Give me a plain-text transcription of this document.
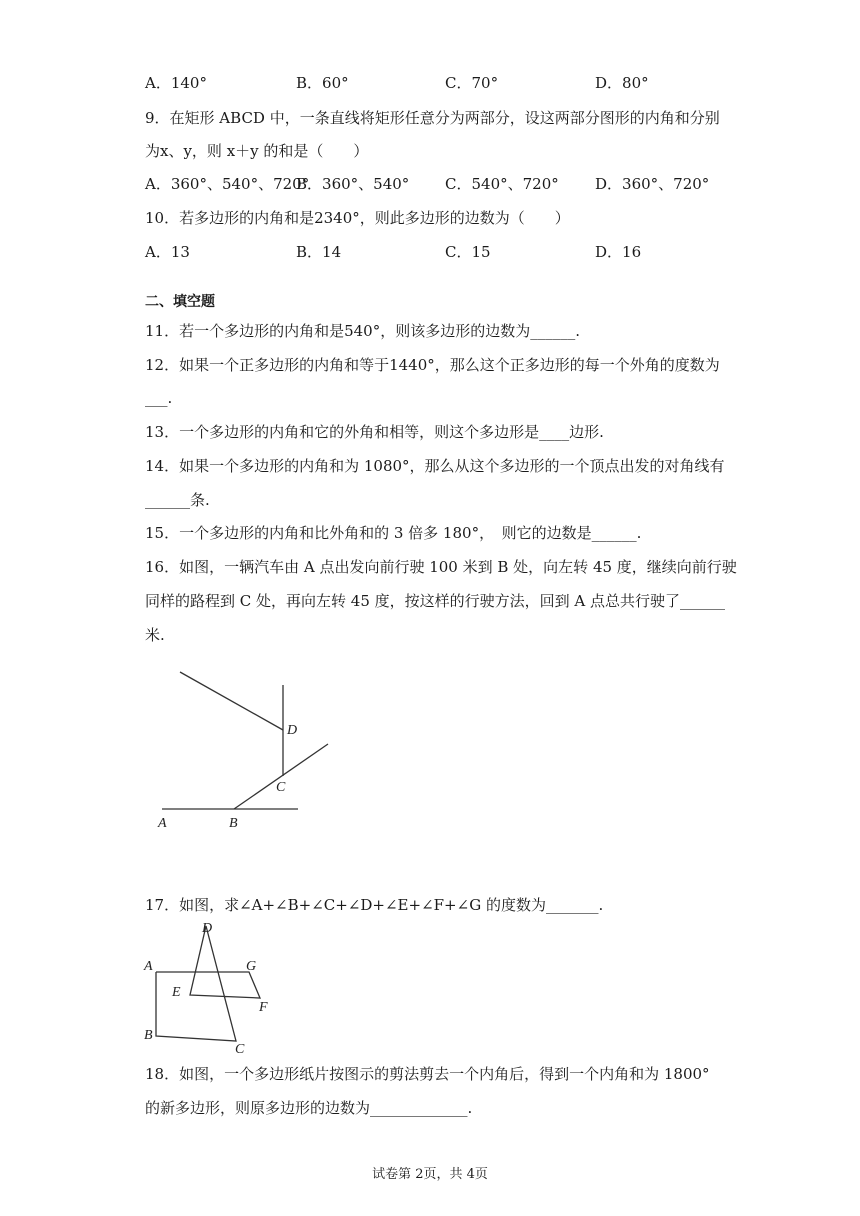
A．140°	B．60°	C．70°	D．80°
9．在矩形 ABCD 中，一条直线将矩形任意分为两部分，设这两部分图形的内角和分别
为x、y，则 x＋y 的和是（　　）
A．360°、540°、720°
B．360°、540° C．540°、720° D．360°、720°
10．若多边形的内角和是2340°，则此多边形的边数为（　　）
A．13	B．14	C．15	D．16
二、填空题
11．若一个多边形的内角和是540°，则该多边形的边数为______.
12．如果一个正多边形的内角和等于1440°，那么这个正多边形的每一个外角的度数为
___.
13．一个多边形的内角和它的外角和相等，则这个多边形是____边形.
14．如果一个多边形的内角和为 1080°，那么从这个多边形的一个顶点出发的对角线有
______条.
15．一个多边形的内角和比外角和的 3 倍多 180°，　则它的边数是______.
16．如图，一辆汽车由 A 点出发向前行驶 100 米到 B 处，向左转 45 度，继续向前行驶
同样的路程到 C 处，再向左转 45 度，按这样的行驶方法，回到 A 点总共行驶了______
米.
D
C
A	B
17．如图，求∠A+∠B+∠C+∠D+∠E+∠F+∠G 的度数为_______.
D
A	G
E
F
B
C
18．如图，一个多边形纸片按图示的剪法剪去一个内角后，得到一个内角和为 1800°
的新多边形，则原多边形的边数为_____________.
试卷第 2页，共 4页
